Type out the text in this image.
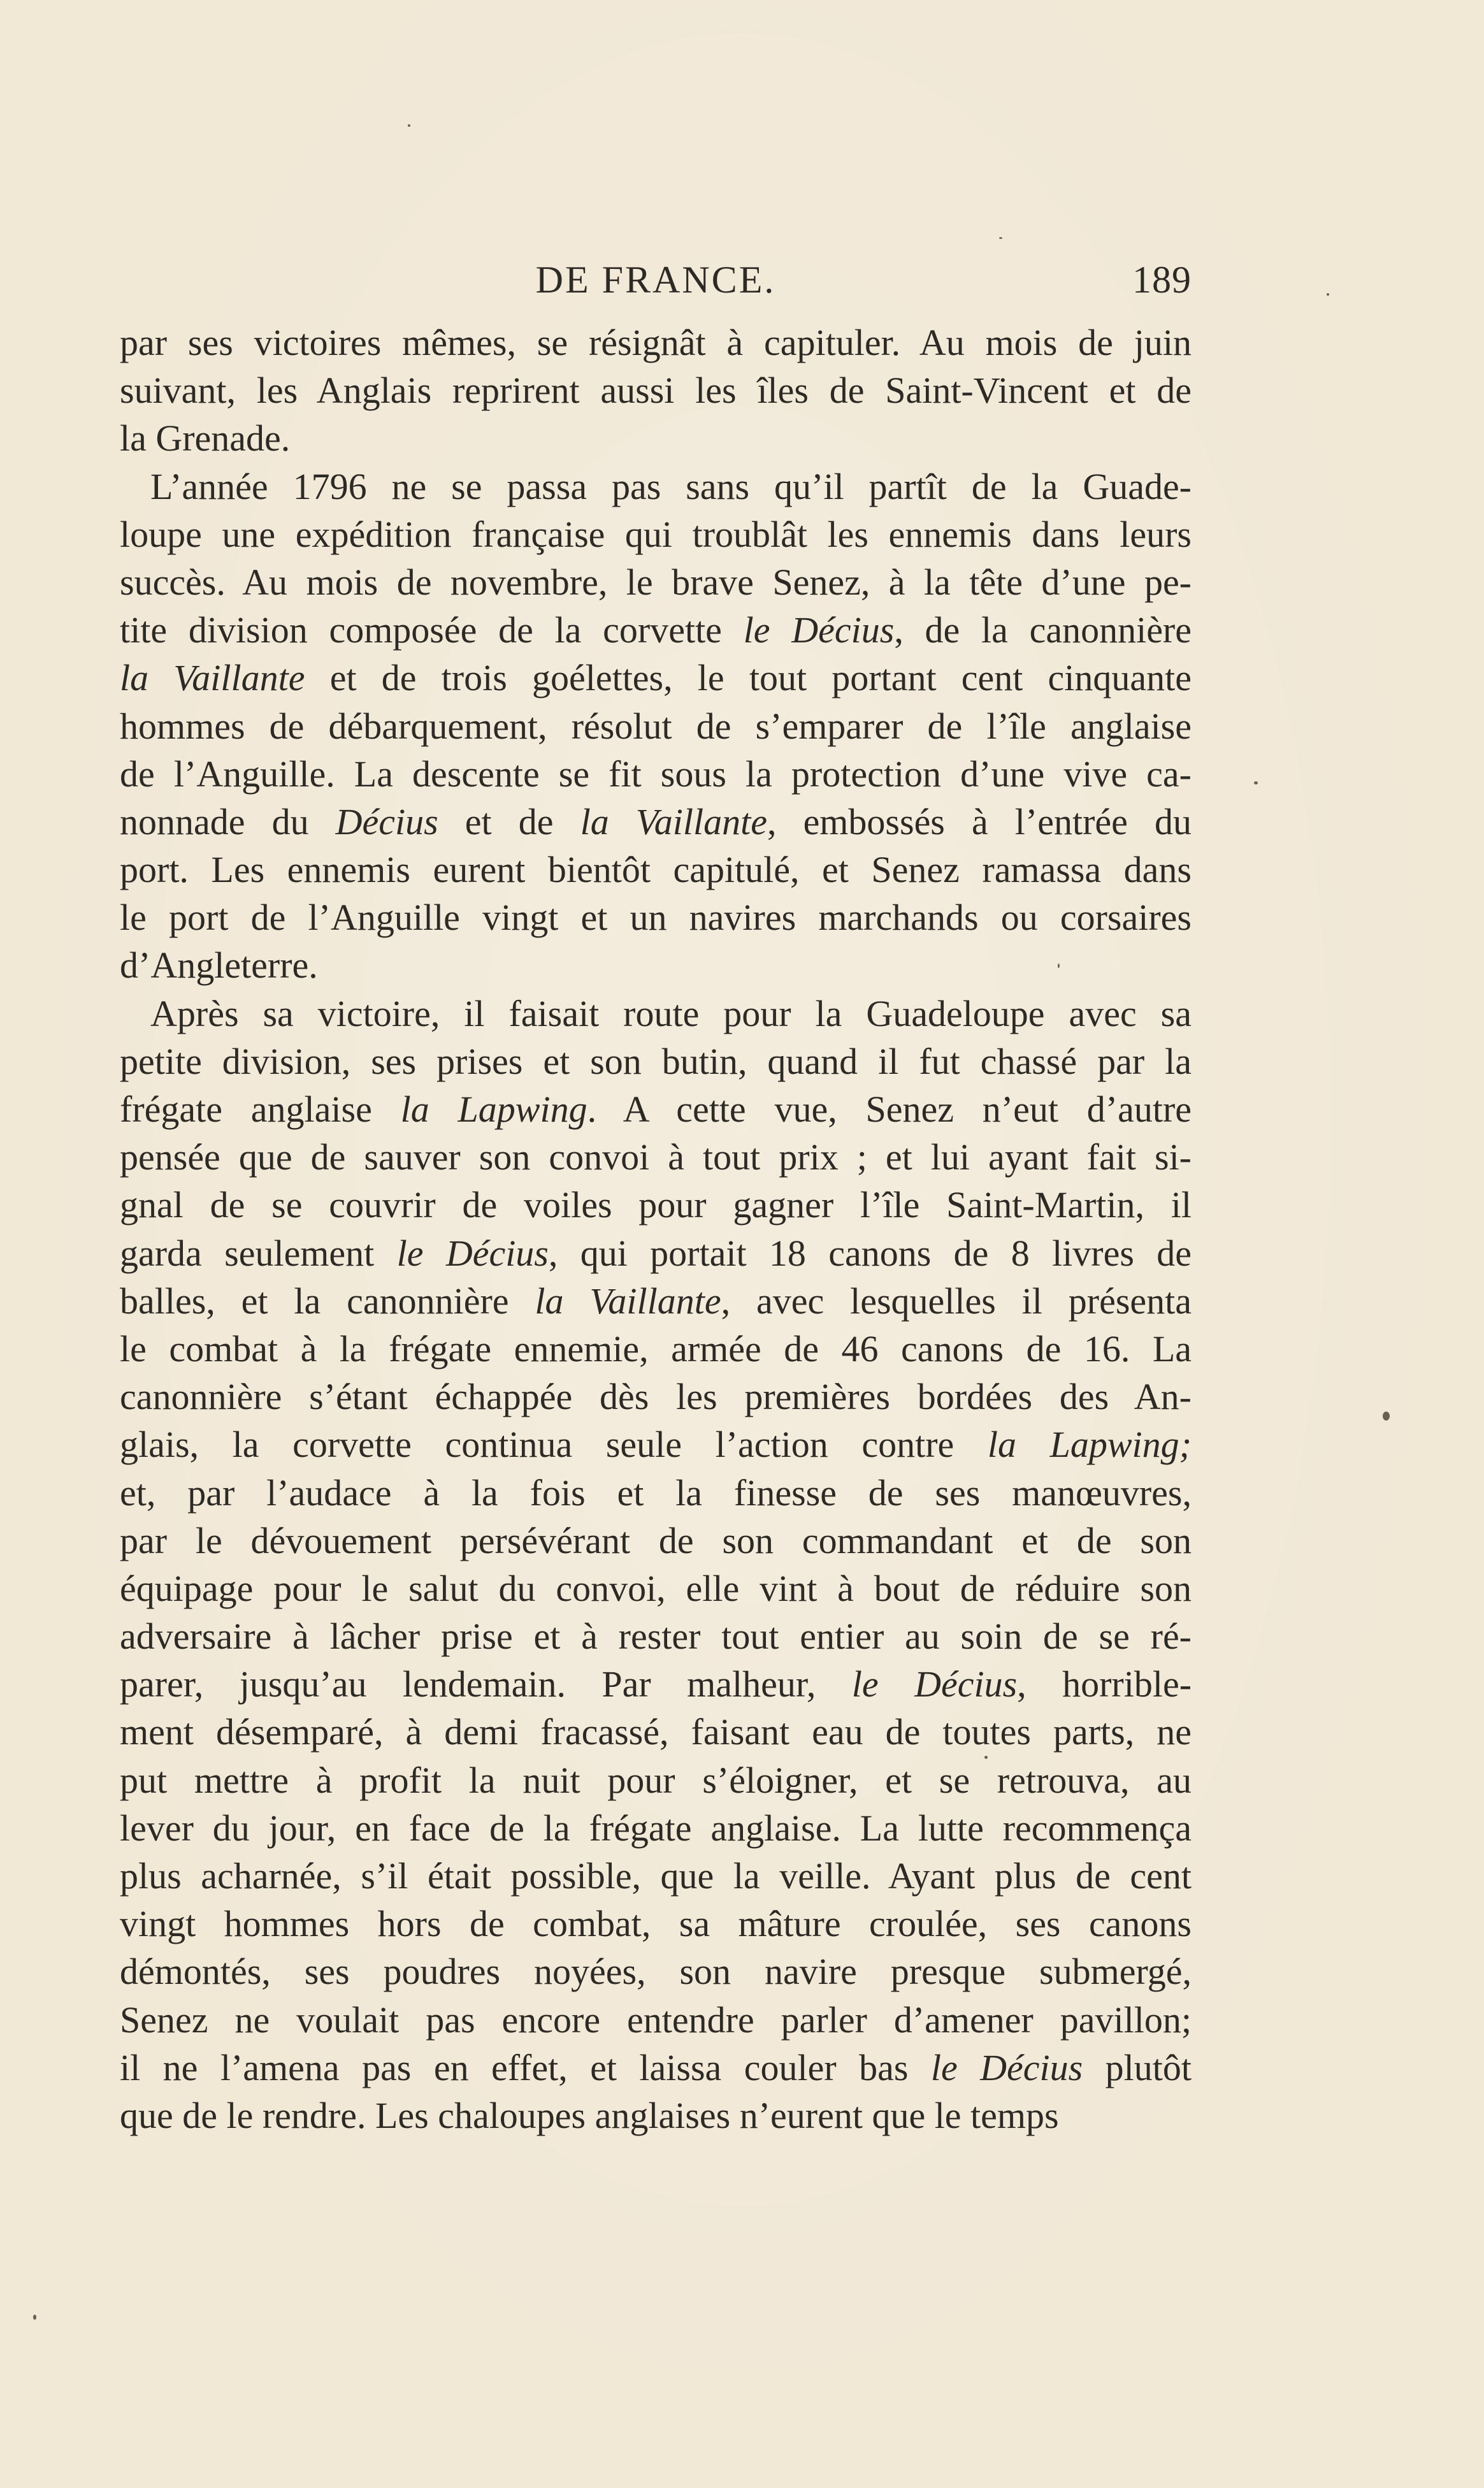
DE FRANCE.	189
par ses victoires mêmes, se résignât à capituler. Au mois de juin
suivant, les Anglais reprirent aussi les îles de Saint-Vincent et de
la Grenade.
L’année 1796 ne se passa pas sans qu’il partît de la Guade-
loupe une expédition française qui troublât les ennemis dans leurs
succès. Au mois de novembre, le brave Senez, à la tête d’une pe-
tite division composée de la corvette le Décius, de la canonnière
la Vaillante et de trois goélettes, le tout portant cent cinquante
hommes de débarquement, résolut de s’emparer de l’île anglaise
de l’Anguille. La descente se fit sous la protection d’une vive ca-
nonnade du Décius et de la Vaillante, embossés à l’entrée du
port. Les ennemis eurent bientôt capitulé, et Senez ramassa dans
le port de l’Anguille vingt et un navires marchands ou corsaires
d’Angleterre.
Après sa victoire, il faisait route pour la Guadeloupe avec sa
petite division, ses prises et son butin, quand il fut chassé par la
frégate anglaise la Lapwing. A cette vue, Senez n’eut d’autre
pensée que de sauver son convoi à tout prix ; et lui ayant fait si-
gnal de se couvrir de voiles pour gagner l’île Saint-Martin, il
garda seulement le Décius, qui portait 18 canons de 8 livres de
balles, et la canonnière la Vaillante, avec lesquelles il présenta
le combat à la frégate ennemie, armée de 46 canons de 16. La
canonnière s’étant échappée dès les premières bordées des An-
glais, la corvette continua seule l’action contre la Lapwing;
et, par l’audace à la fois et la finesse de ses manœuvres,
par le dévouement persévérant de son commandant et de son
équipage pour le salut du convoi, elle vint à bout de réduire son
adversaire à lâcher prise et à rester tout entier au soin de se ré-
parer, jusqu’au lendemain. Par malheur, le Décius, horrible-
ment désemparé, à demi fracassé, faisant eau de toutes parts, ne
put mettre à profit la nuit pour s’éloigner, et se retrouva, au
lever du jour, en face de la frégate anglaise. La lutte recommença
plus acharnée, s’il était possible, que la veille. Ayant plus de cent
vingt hommes hors de combat, sa mâture croulée, ses canons
démontés, ses poudres noyées, son navire presque submergé,
Senez ne voulait pas encore entendre parler d’amener pavillon;
il ne l’amena pas en effet, et laissa couler bas le Décius plutôt
que de le rendre. Les chaloupes anglaises n’eurent que le temps
